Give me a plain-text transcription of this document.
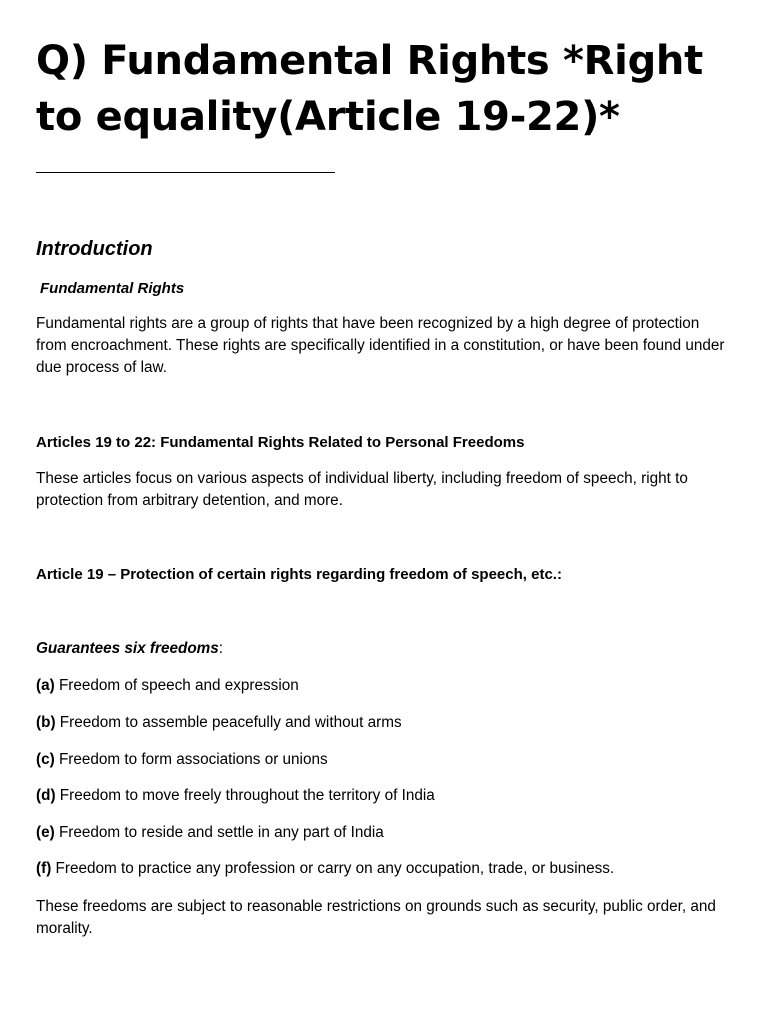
Q) Fundamental Rights *Right to equality(Article 19-22)*
Introduction
Fundamental Rights

Fundamental rights are a group of rights that have been recognized by a high degree of protection from encroachment. These rights are specifically identified in a constitution, or have been found under due process of law.

Articles 19 to 22: Fundamental Rights Related to Personal Freedoms

These articles focus on various aspects of individual liberty, including freedom of speech, right to protection from arbitrary detention, and more.

Article 19 – Protection of certain rights regarding freedom of speech, etc.:

Guarantees six freedoms:

(a) Freedom of speech and expression

(b) Freedom to assemble peacefully and without arms

(c) Freedom to form associations or unions

(d) Freedom to move freely throughout the territory of India

(e) Freedom to reside and settle in any part of India

(f) Freedom to practice any profession or carry on any occupation, trade, or business.

These freedoms are subject to reasonable restrictions on grounds such as security, public order, and morality.
